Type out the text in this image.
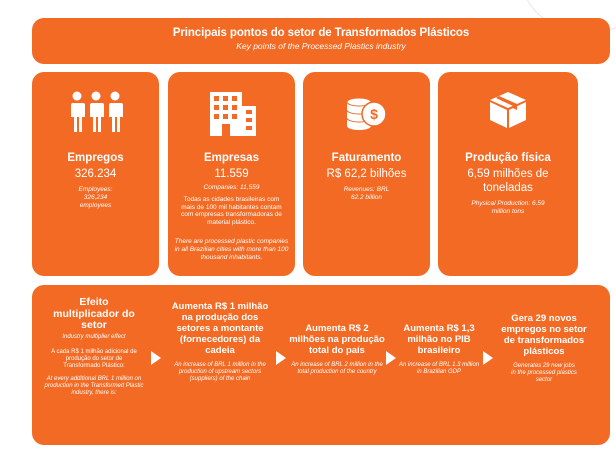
Principais pontos do setor de Transformados Plásticos
Key points of the Processed Plastics industry
Empregos
326.234
Employees: 326,234 employees
Empresas
11.559
Companies: 11,559
Todas as cidades brasileiras com mais de 100 mil habitantes contam com empresas transformadoras de material plástico.
There are processed plastic companies in all Brazilian cities with more than 100 thousand inhabitants.
$
Faturamento
R$ 62,2 bilhões
Revenues: BRL 62.2 billion
Produção física
6,59 milhões de toneladas
Physical Production: 6.59 million tons
Efeito multiplicador do setor
Industry multiplier effect
A cada R$ 1 milhão adicional de produção do setor de Transformado Plástico:
At every additional BRL 1 million on production in the Transformed Plastic industry, there is:
Aumenta R$ 1 milhão na produção dos setores a montante (fornecedores) da cadeia
An increase of BRL 1 million in the production of upstream sectors (suppliers) of the chain
Aumenta R$ 2 milhões na produção total do país
An increase of BRL 2 million in the total production of the country
Aumenta R$ 1,3 milhão no PIB brasileiro
An increase of BRL 1.3 million in Brazilian GDP
Gera 29 novos empregos no setor de transformados plásticos
Generates 29 new jobs in the processed plastics sector
